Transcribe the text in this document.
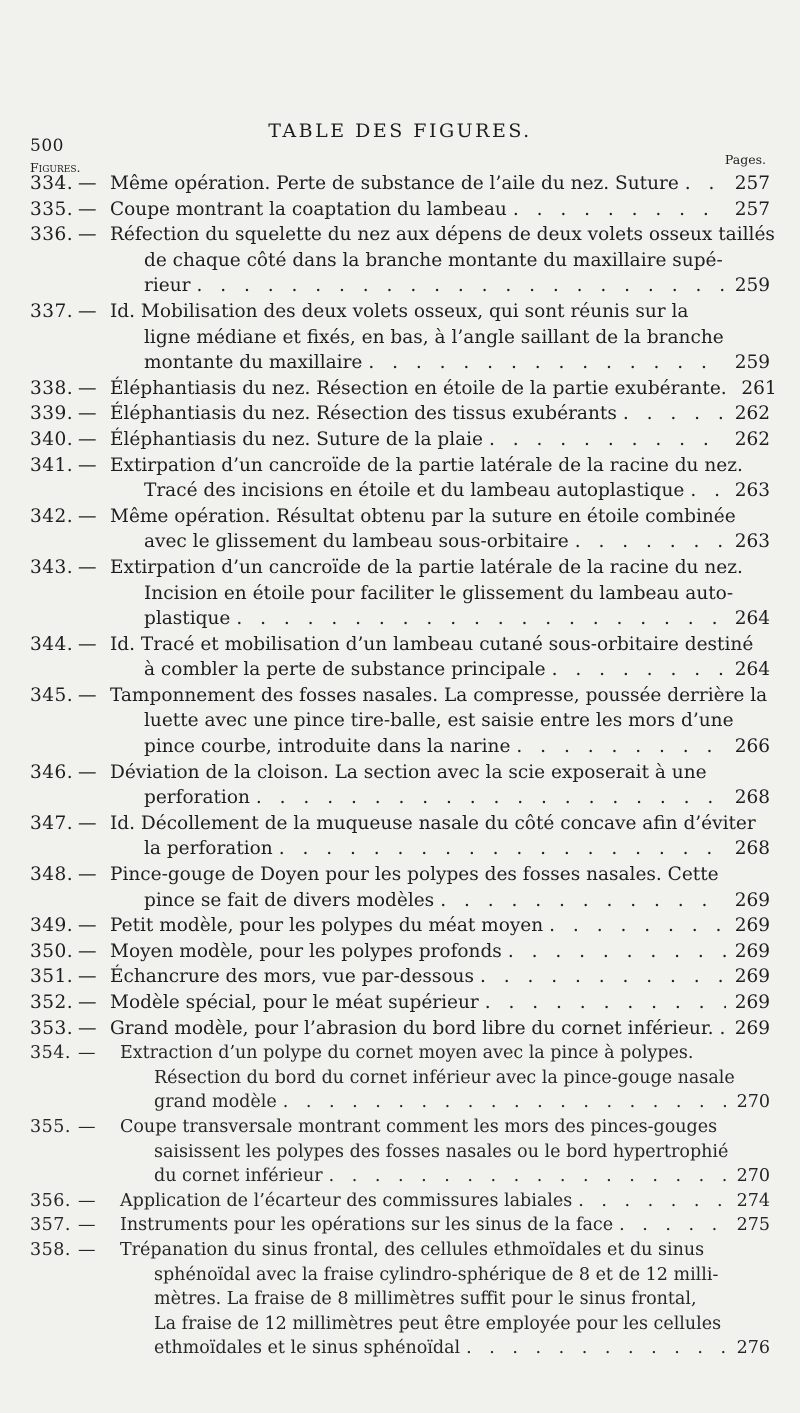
500
TABLE DES FIGURES.
Figures.
Pages.
334. — Même opération. Perte de substance de l’aile du nez. Suture . . .	257
335. — Coupe montrant la coaptation du lambeau . . .	257
336. — Réfection du squelette du nez aux dépens de deux volets osseux taillés
de chaque côté dans la branche montante du maxillaire supé-
rieur . . .	259
337. — Id. Mobilisation des deux volets osseux, qui sont réunis sur la
ligne médiane et fixés, en bas, à l’angle saillant de la branche
montante du maxillaire . . .	259
338. — Éléphantiasis du nez. Résection en étoile de la partie exubérante. 261
339. — Éléphantiasis du nez. Résection des tissus exubérants . . .	262
340. — Éléphantiasis du nez. Suture de la plaie . . .	262
341. — Extirpation d’un cancroïde de la partie latérale de la racine du nez.
Tracé des incisions en étoile et du lambeau autoplastique . . .	263
342. — Même opération. Résultat obtenu par la suture en étoile combinée
avec le glissement du lambeau sous-orbitaire . . .	263
343. — Extirpation d’un cancroïde de la partie latérale de la racine du nez.
Incision en étoile pour faciliter le glissement du lambeau auto-
plastique . . .	264
344. — Id. Tracé et mobilisation d’un lambeau cutané sous-orbitaire destiné
à combler la perte de substance principale . . .	264
345. — Tamponnement des fosses nasales. La compresse, poussée derrière la
luette avec une pince tire-balle, est saisie entre les mors d’une
pince courbe, introduite dans la narine . . .	266
346. — Déviation de la cloison. La section avec la scie exposerait à une
perforation . . .	268
347. — Id. Décollement de la muqueuse nasale du côté concave afin d’éviter
la perforation . . .	268
348. — Pince-gouge de Doyen pour les polypes des fosses nasales. Cette
pince se fait de divers modèles . . .	269
349. — Petit modèle, pour les polypes du méat moyen . . .	269
350. — Moyen modèle, pour les polypes profonds . . .	269
351. — Échancrure des mors, vue par-dessous . . .	269
352. — Modèle spécial, pour le méat supérieur . . .	269
353. — Grand modèle, pour l’abrasion du bord libre du cornet inférieur. . . . 269
354. — Extraction d’un polype du cornet moyen avec la pince à polypes.
Résection du bord du cornet inférieur avec la pince-gouge nasale
grand modèle . . .	270
355. — Coupe transversale montrant comment les mors des pinces-gouges
saisissent les polypes des fosses nasales ou le bord hypertrophié
du cornet inférieur . . .	270
356. — Application de l’écarteur des commissures labiales . . .	274
357. — Instruments pour les opérations sur les sinus de la face . . .	275
358. — Trépanation du sinus frontal, des cellules ethmoïdales et du sinus
sphénoïdal avec la fraise cylindro-sphérique de 8 et de 12 milli-
mètres. La fraise de 8 millimètres suffit pour le sinus frontal,
La fraise de 12 millimètres peut être employée pour les cellules
ethmoïdales et le sinus sphénoïdal . . .	276
